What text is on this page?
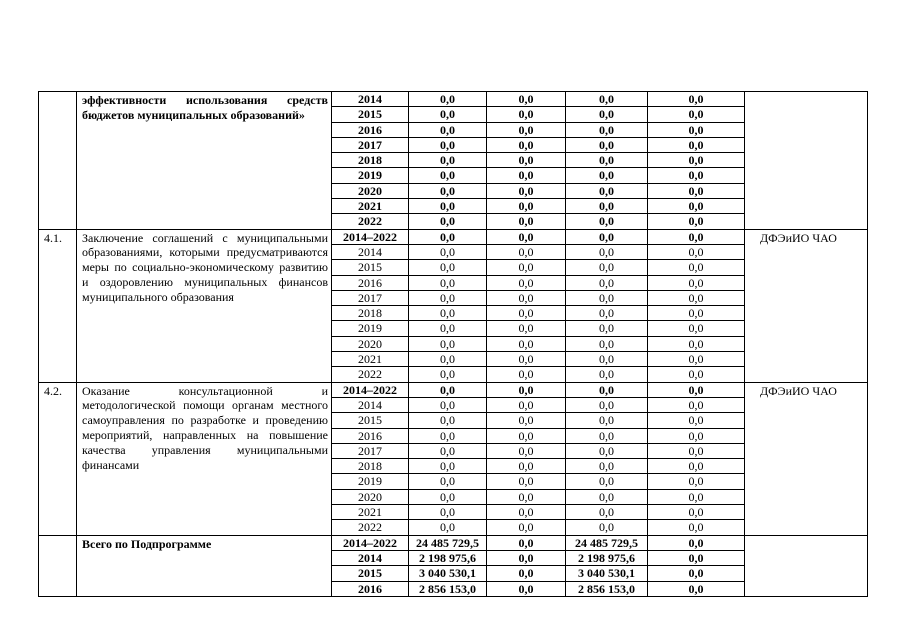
	эффективности использования средств бюджетов муниципальных образований»	2014	0,0	0,0	0,0	0,0	
		2015	0,0	0,0	0,0	0,0	
		2016	0,0	0,0	0,0	0,0	
		2017	0,0	0,0	0,0	0,0	
		2018	0,0	0,0	0,0	0,0	
		2019	0,0	0,0	0,0	0,0	
		2020	0,0	0,0	0,0	0,0	
		2021	0,0	0,0	0,0	0,0	
		2022	0,0	0,0	0,0	0,0	
4.1.	Заключение соглашений с муниципальными образованиями, которыми предусматриваются меры по социально-экономическому развитию и оздоровлению муниципальных финансов муниципального образования	2014–2022	0,0	0,0	0,0	0,0	ДФЭиИО ЧАО
		2014	0,0	0,0	0,0	0,0	
		2015	0,0	0,0	0,0	0,0	
		2016	0,0	0,0	0,0	0,0	
		2017	0,0	0,0	0,0	0,0	
		2018	0,0	0,0	0,0	0,0	
		2019	0,0	0,0	0,0	0,0	
		2020	0,0	0,0	0,0	0,0	
		2021	0,0	0,0	0,0	0,0	
		2022	0,0	0,0	0,0	0,0	
4.2.	Оказание консультационной и методологической помощи органам местного самоуправления по разработке и проведению мероприятий, направленных на повышение качества управления муниципальными финансами	2014–2022	0,0	0,0	0,0	0,0	ДФЭиИО ЧАО
		2014	0,0	0,0	0,0	0,0	
		2015	0,0	0,0	0,0	0,0	
		2016	0,0	0,0	0,0	0,0	
		2017	0,0	0,0	0,0	0,0	
		2018	0,0	0,0	0,0	0,0	
		2019	0,0	0,0	0,0	0,0	
		2020	0,0	0,0	0,0	0,0	
		2021	0,0	0,0	0,0	0,0	
		2022	0,0	0,0	0,0	0,0	
	Всего по Подпрограмме	2014–2022	24 485 729,5	0,0	24 485 729,5	0,0	
		2014	2 198 975,6	0,0	2 198 975,6	0,0	
		2015	3 040 530,1	0,0	3 040 530,1	0,0	
		2016	2 856 153,0	0,0	2 856 153,0	0,0	
